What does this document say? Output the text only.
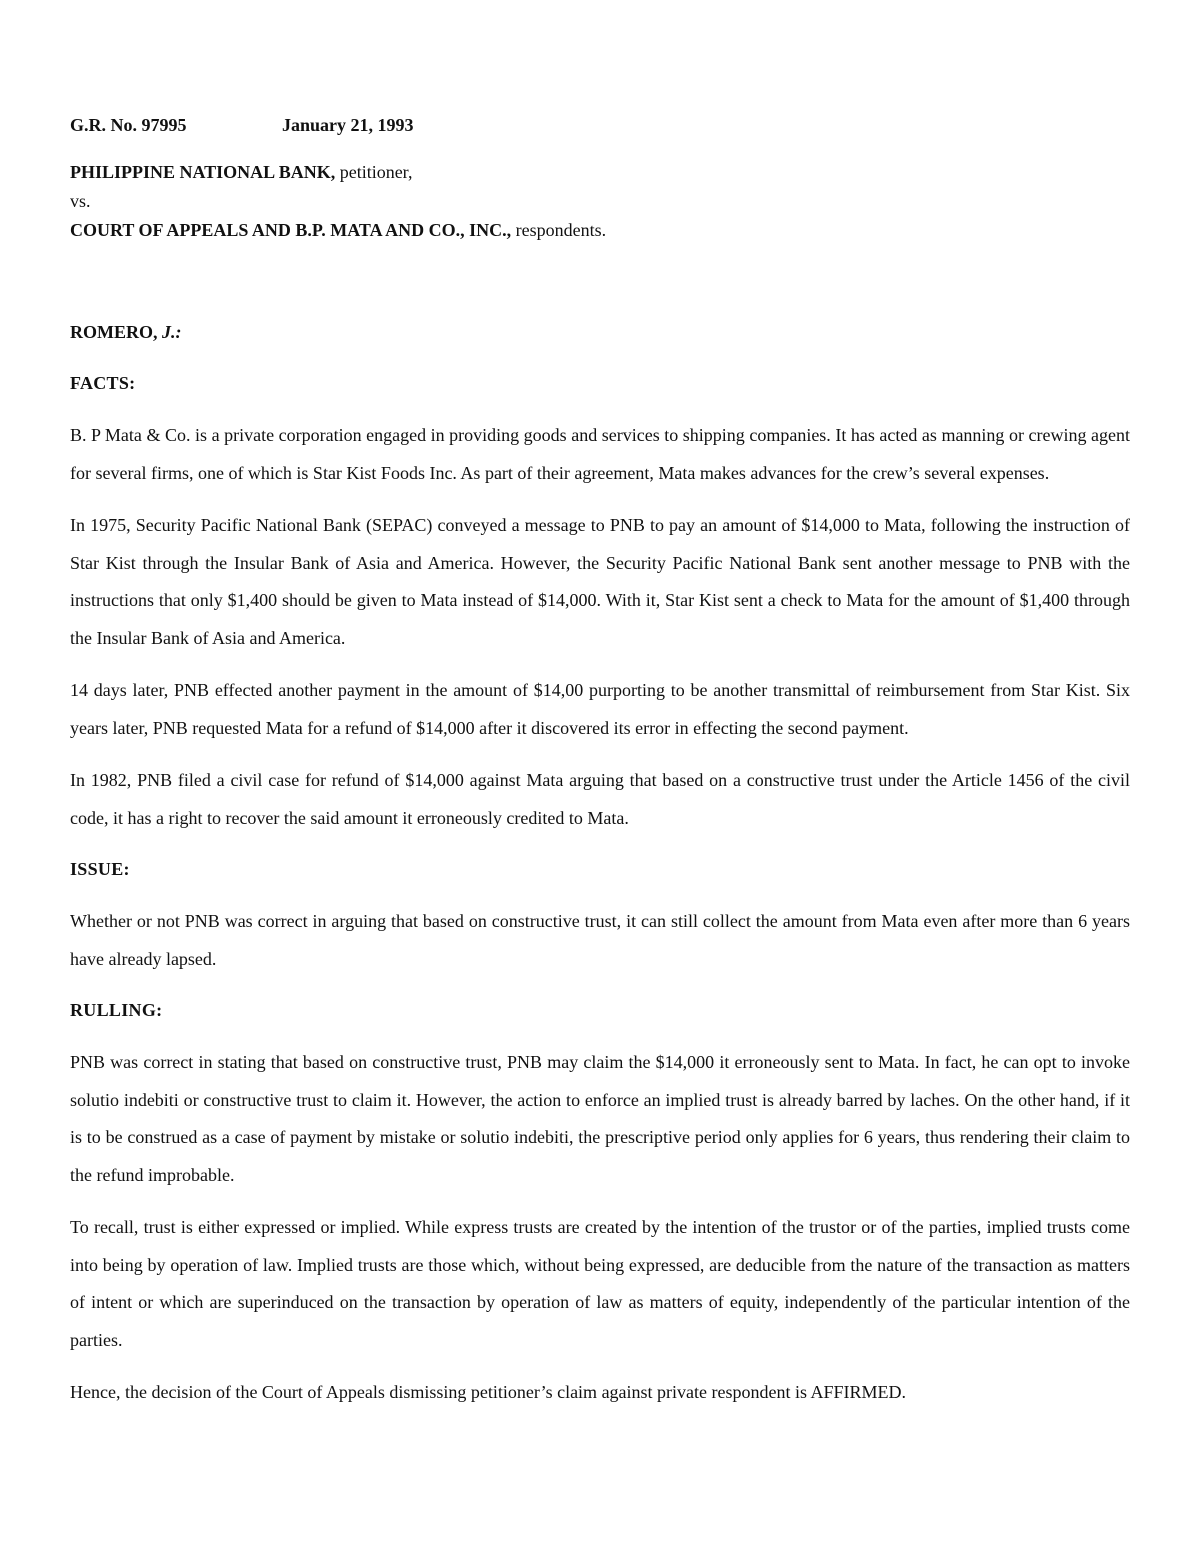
G.R. No. 97995	January 21, 1993
PHILIPPINE NATIONAL BANK, petitioner,
vs.
COURT OF APPEALS AND B.P. MATA AND CO., INC., respondents.
ROMERO, J.:
FACTS:

B. P Mata & Co. is a private corporation engaged in providing goods and services to shipping companies. It has acted as manning or crewing agent for several firms, one of which is Star Kist Foods Inc. As part of their agreement, Mata makes advances for the crew’s several expenses.

In 1975, Security Pacific National Bank (SEPAC) conveyed a message to PNB to pay an amount of $14,000 to Mata, following the instruction of Star Kist through the Insular Bank of Asia and America. However, the Security Pacific National Bank sent another message to PNB with the instructions that only $1,400 should be given to Mata instead of $14,000. With it, Star Kist sent a check to Mata for the amount of $1,400 through the Insular Bank of Asia and America.

14 days later, PNB effected another payment in the amount of $14,00 purporting to be another transmittal of reimbursement from Star Kist. Six years later, PNB requested Mata for a refund of $14,000 after it discovered its error in effecting the second payment.

In 1982, PNB filed a civil case for refund of $14,000 against Mata arguing that based on a constructive trust under the Article 1456 of the civil code, it has a right to recover the said amount it erroneously credited to Mata.

ISSUE:

Whether or not PNB was correct in arguing that based on constructive trust, it can still collect the amount from Mata even after more than 6 years have already lapsed.

RULLING:

PNB was correct in stating that based on constructive trust, PNB may claim the $14,000 it erroneously sent to Mata. In fact, he can opt to invoke solutio indebiti or constructive trust to claim it. However, the action to enforce an implied trust is already barred by laches. On the other hand, if it is to be construed as a case of payment by mistake or solutio indebiti, the prescriptive period only applies for 6 years, thus rendering their claim to the refund improbable.

To recall, trust is either expressed or implied. While express trusts are created by the intention of the trustor or of the parties, implied trusts come into being by operation of law. Implied trusts are those which, without being expressed, are deducible from the nature of the transaction as matters of intent or which are superinduced on the transaction by operation of law as matters of equity, independently of the particular intention of the parties.

Hence, the decision of the Court of Appeals dismissing petitioner’s claim against private respondent is AFFIRMED.
